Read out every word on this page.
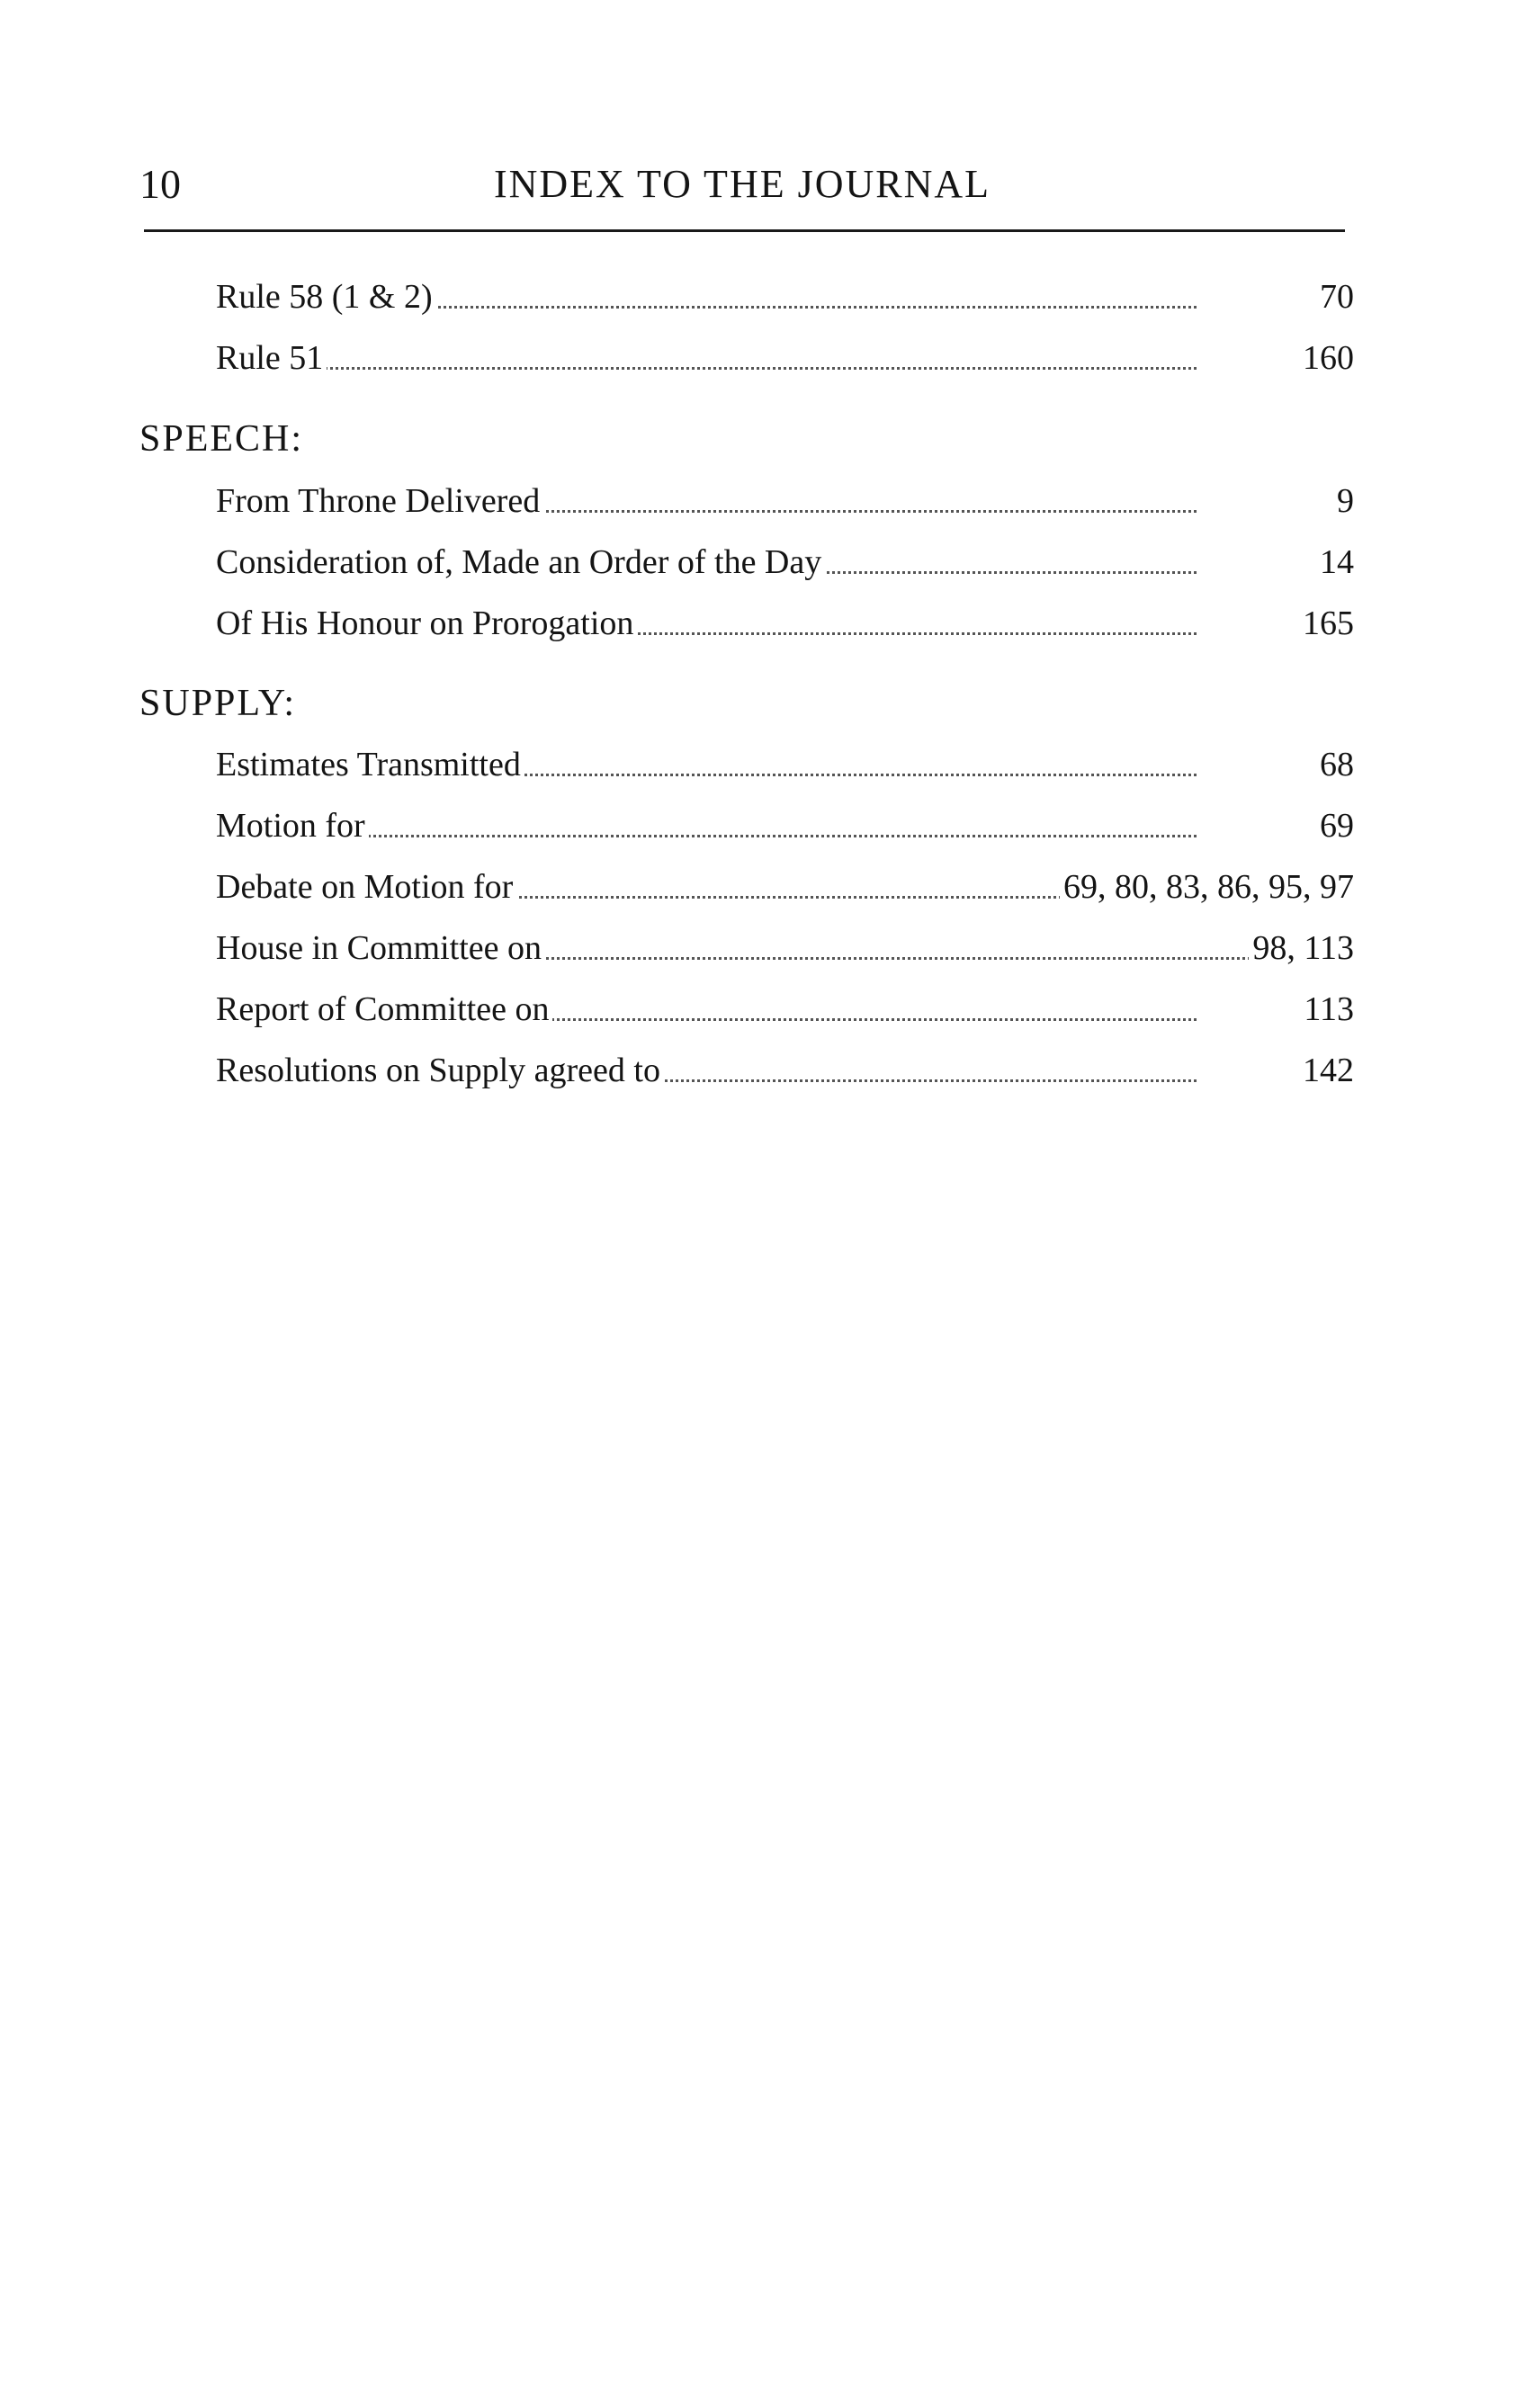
10	INDEX TO THE JOURNAL
Rule 58 (1 & 2)	70
Rule 51	160
SPEECH:
From Throne Delivered	9
Consideration of, Made an Order of the Day	14
Of His Honour on Prorogation	165
SUPPLY:
Estimates Transmitted	68
Motion for	69
Debate on Motion for	69, 80, 83, 86, 95, 97
House in Committee on	98, 113
Report of Committee on	113
Resolutions on Supply agreed to	142
